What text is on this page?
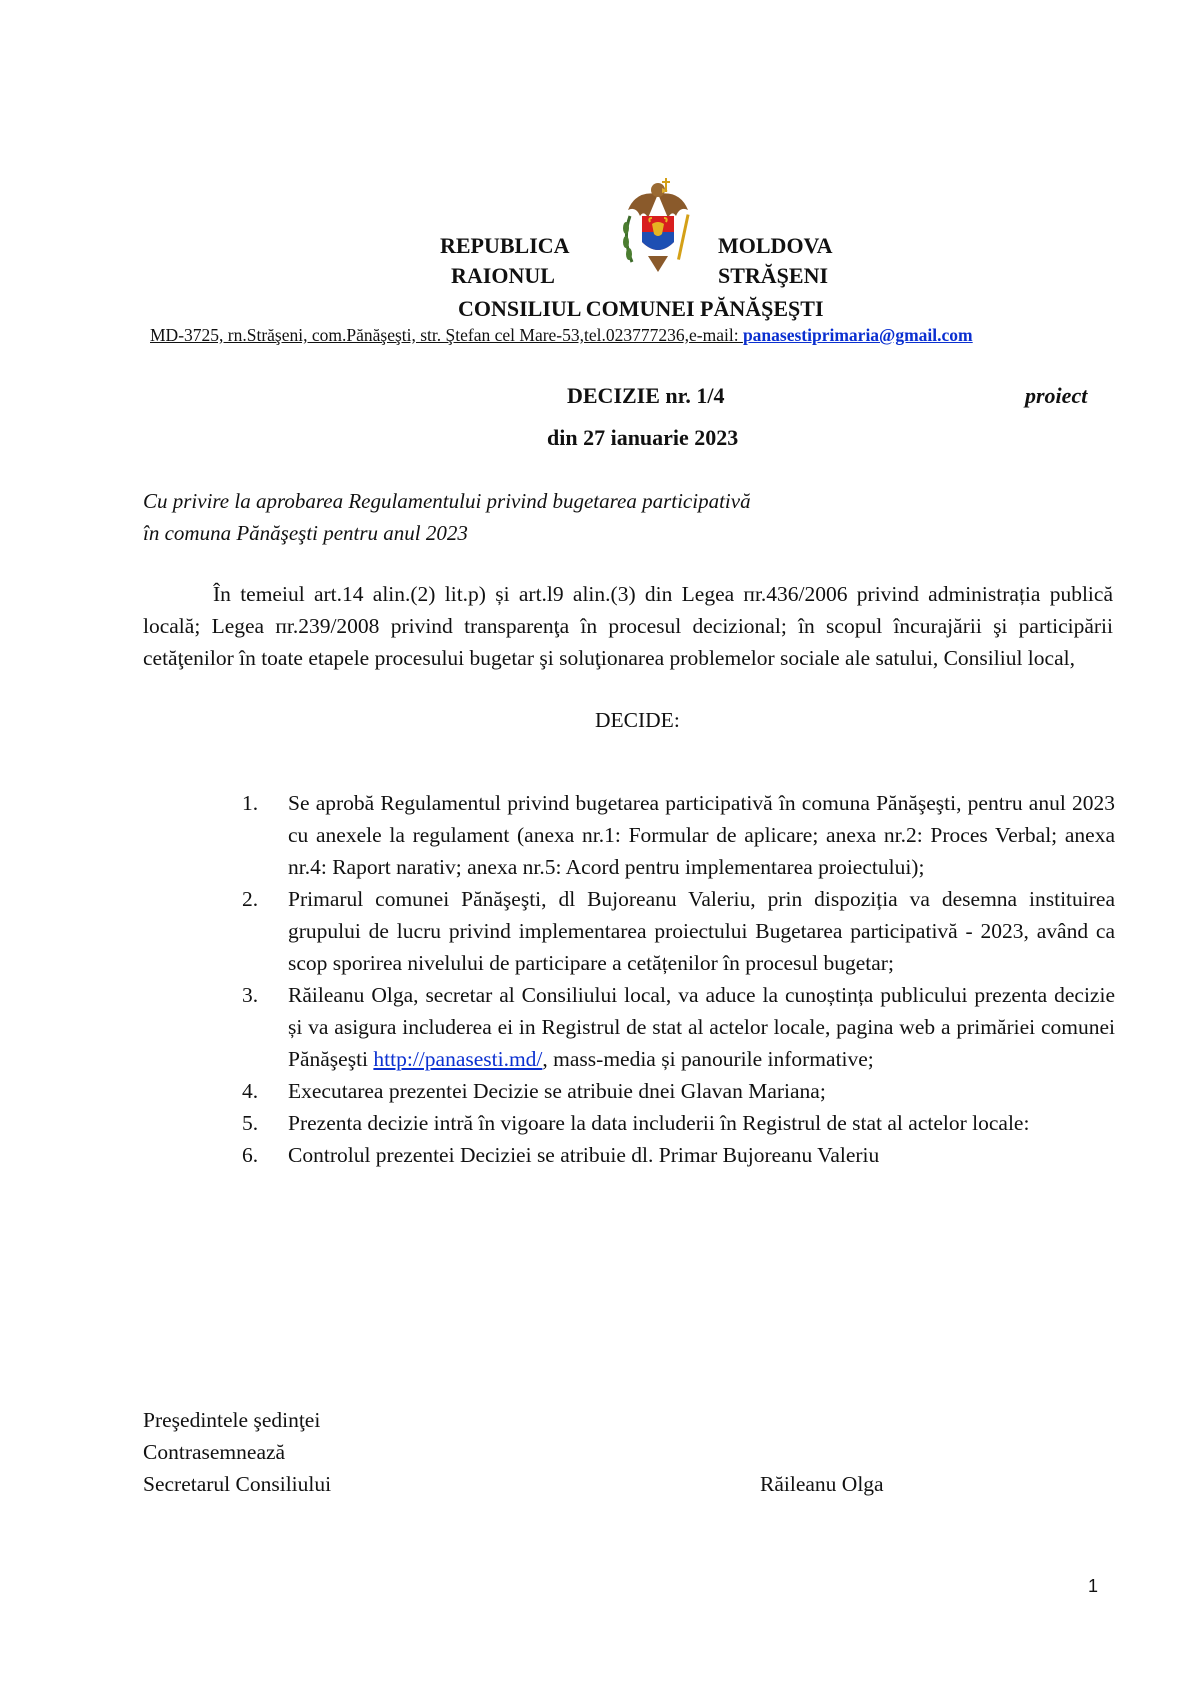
REPUBLICA	MOLDOVA
RAIONUL	STRĂŞENI
CONSILIUL COMUNEI PĂNĂŞEŞTI
MD-3725, rn.Străşeni, com.Pănăşeşti, str. Ştefan cel Mare-53,tel.023777236,e-mail: panasestiprimaria@gmail.com
DECIZIE nr. 1/4	proiect
din 27 ianuarie 2023
Cu privire la aprobarea Regulamentului privind bugetarea participativă
în comuna Pănăşeşti pentru anul 2023
În temeiul art.14 alin.(2) lit.p) și art.l9 alin.(3) din Legea пr.436/2006 privind administrația publică locală; Legea пr.239/2008 privind transparenţa în procesul decizional; în scopul încurajării şi participării cetăţenilor în toate etapele procesului bugetar şi soluţionarea problemelor sociale ale satului, Consiliul local,
DECIDE:
1. Se aprobă Regulamentul privind bugetarea participativă în comuna Pănăşeşti, pentru anul 2023 cu anexele la regulament (anexa nr.1: Formular de aplicare; anexa nr.2: Proces Verbal; anexa nr.4: Raport narativ; anexa nr.5: Acord pentru implementarea proiectului);
2. Primarul comunei Pănăşeşti, dl Bujoreanu Valeriu, prin dispoziția va desemna instituirea grupului de lucru privind implementarea proiectului Bugetarea participativă - 2023, având ca scop sporirea nivelului de participare a cetățenilor în procesul bugetar;
3. Răileanu Olga, secretar al Consiliului local, va aduce la cunoștința publicului prezenta decizie și va asigura includerea ei in Registrul de stat al actelor locale, pagina web a primăriei comunei Pănăşeşti http://panasesti.md/, mass-media și panourile informative;
4. Executarea prezentei Decizie se atribuie dnei Glavan Mariana;
5. Prezenta decizie intră în vigoare la data includerii în Registrul de stat al actelor locale:
6. Controlul prezentei Deciziei se atribuie dl. Primar Bujoreanu Valeriu
Preşedintele şedinţei
Contrasemnează
Secretarul Consiliului	Răileanu Olga
1
